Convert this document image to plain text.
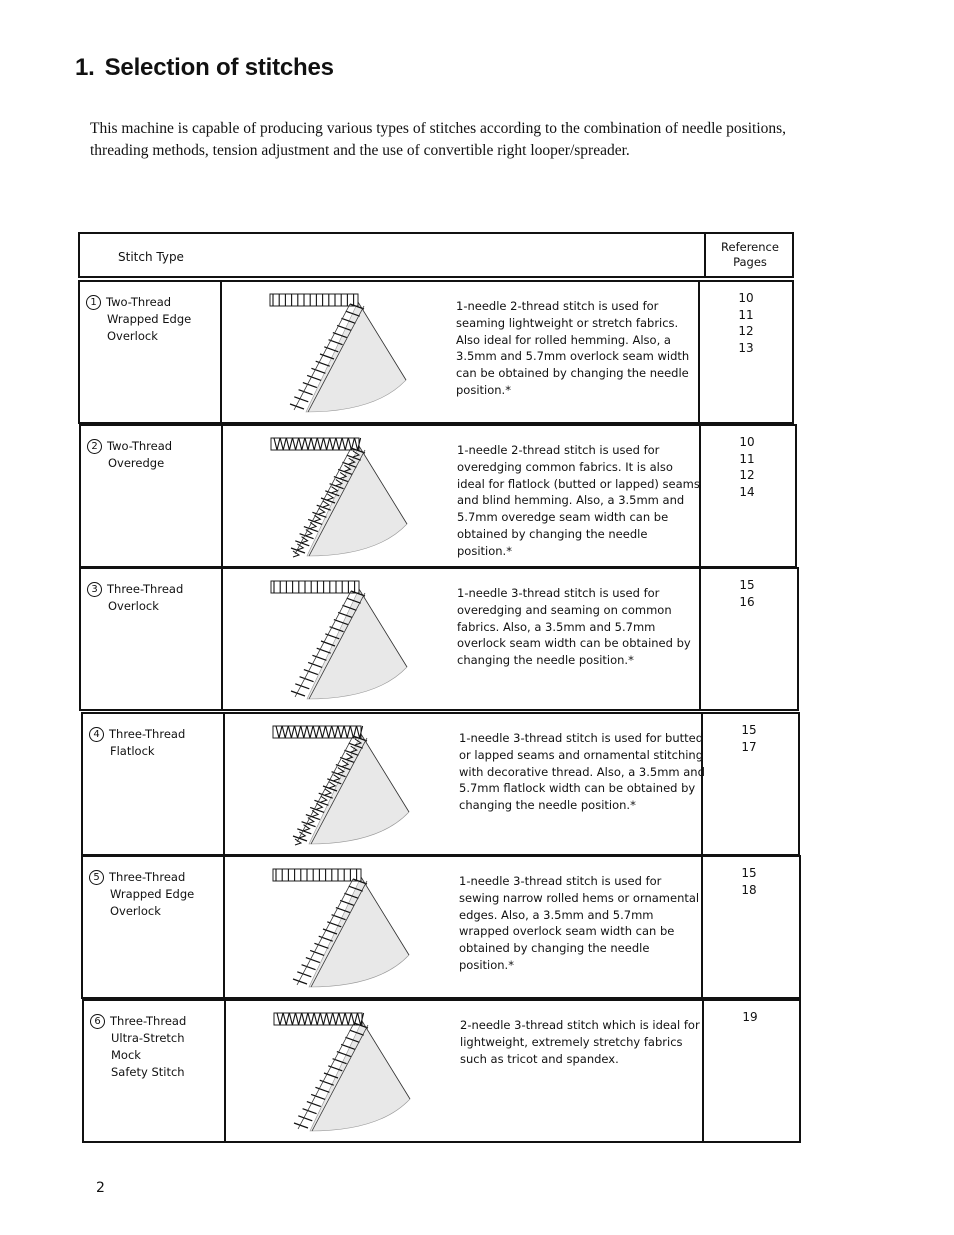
1. Selection of stitches

This machine is capable of producing various types of stitches according to the combination of needle positions, threading methods, tension adjustment and the use of convertible right looper/spreader.

Stitch Type
Reference
Pages
1 Two-Thread
Wrapped Edge
Overlock
1-needle 2-thread stitch is used for seaming lightweight or stretch fabrics. Also ideal for rolled hemming. Also, a 3.5mm and 5.7mm overlock seam width can be obtained by changing the needle position.*
10
11
12
13
2 Two-Thread
Overedge
1-needle 2-thread stitch is used for overedging common fabrics. It is also ideal for flatlock (butted or lapped) seams and blind hemming. Also, a 3.5mm and 5.7mm overedge seam width can be obtained by changing the needle position.*
10
11
12
14
3 Three-Thread
Overlock
1-needle 3-thread stitch is used for overedging and seaming on common fabrics. Also, a 3.5mm and 5.7mm overlock seam width can be obtained by changing the needle position.*
15
16
4 Three-Thread
Flatlock
1-needle 3-thread stitch is used for butted or lapped seams and ornamental stitching with decorative thread. Also, a 3.5mm and 5.7mm flatlock width can be obtained by changing the needle position.*
15
17
5 Three-Thread
Wrapped Edge
Overlock
1-needle 3-thread stitch is used for sewing narrow rolled hems or ornamental edges. Also, a 3.5mm and 5.7mm wrapped overlock seam width can be obtained by changing the needle position.*
15
18
6 Three-Thread
Ultra-Stretch
Mock
Safety Stitch
2-needle 3-thread stitch which is ideal for lightweight, extremely stretchy fabrics such as tricot and spandex.
19
2
